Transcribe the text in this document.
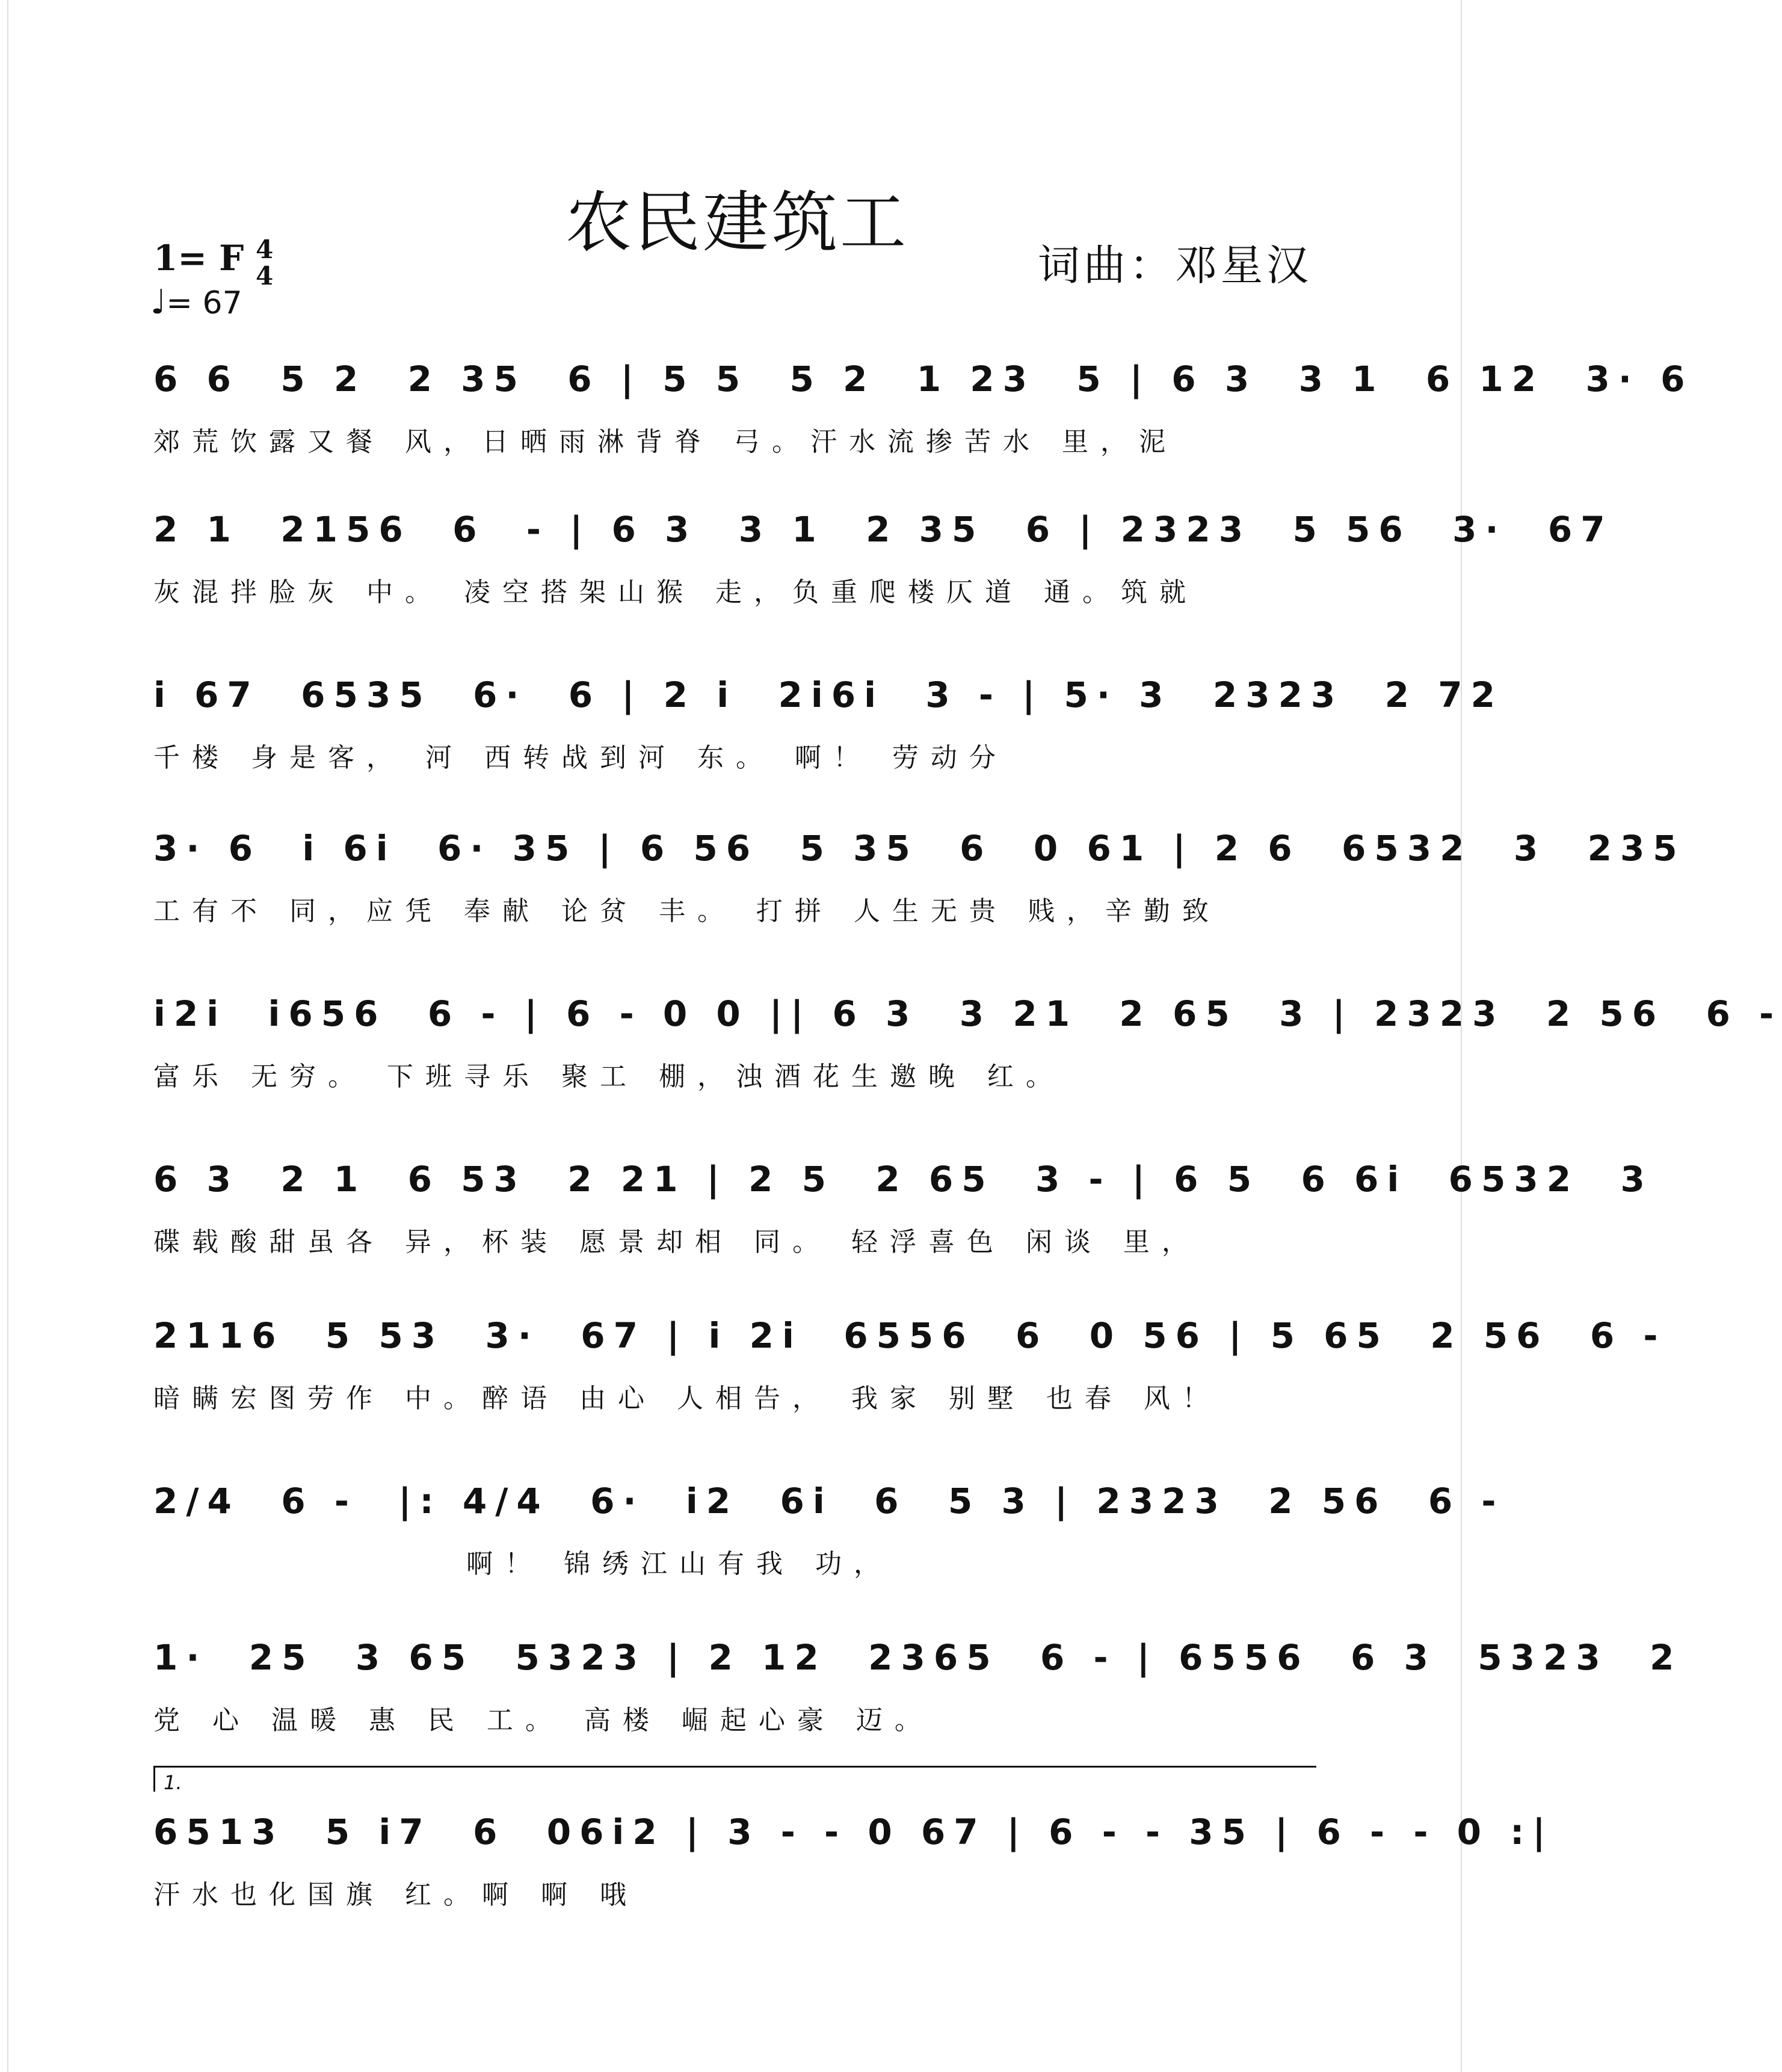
农民建筑工
1= F 4
4
♩= 67
词曲：邓星汉
6 6  5 2  2 35  6 | 5 5  5 2  1 23  5 | 6 3  3 1  6 12  3· 6
郊荒饮露又餐 风，日晒雨淋背脊 弓。汗水流掺苦水 里，泥
2 1  2156  6  - | 6 3  3 1  2 35  6 | 2323  5 56  3·  67
灰混拌脸灰 中。 凌空搭架山猴 走，负重爬楼仄道 通。筑就
i 67  6535  6·  6 | 2 i  2i6i  3 - | 5· 3  2323  2 72
千楼 身是客， 河 西转战到河 东。 啊！ 劳动分
3· 6  i 6i  6· 35 | 6 56  5 35  6  0 61 | 2 6  6532  3  235
工有不 同，应凭 奉献 论贫 丰。 打拼 人生无贵 贱，辛勤致
i2i  i656  6 - | 6 - 0 0 || 6 3  3 21  2 65  3 | 2323  2 56  6 -
富乐 无穷。 下班寻乐 聚工 棚，浊酒花生邀晚 红。
6 3  2 1  6 53  2 21 | 2 5  2 65  3 - | 6 5  6 6i  6532  3
碟载酸甜虽各 异，杯装 愿景却相 同。 轻浮喜色 闲谈 里，
2116  5 53  3·  67 | i 2i  6556  6  0 56 | 5 65  2 56  6 -
暗瞒宏图劳作 中。醉语 由心 人相告， 我家 别墅 也春 风！
2/4  6 -  |: 4/4  6·  i2  6i  6  5 3 | 2323  2 56  6 -
啊！ 锦绣江山有我 功，
1·  25  3 65  5323 | 2 12  2365  6 - | 6556  6 3  5323  2
党 心 温暖 惠 民 工。 高楼 崛起心豪 迈。
1.
6513  5 i7  6  06i2 | 3 - - 0 67 | 6 - - 35 | 6 - - 0 :|
汗水也化国旗 红。啊 啊 哦
